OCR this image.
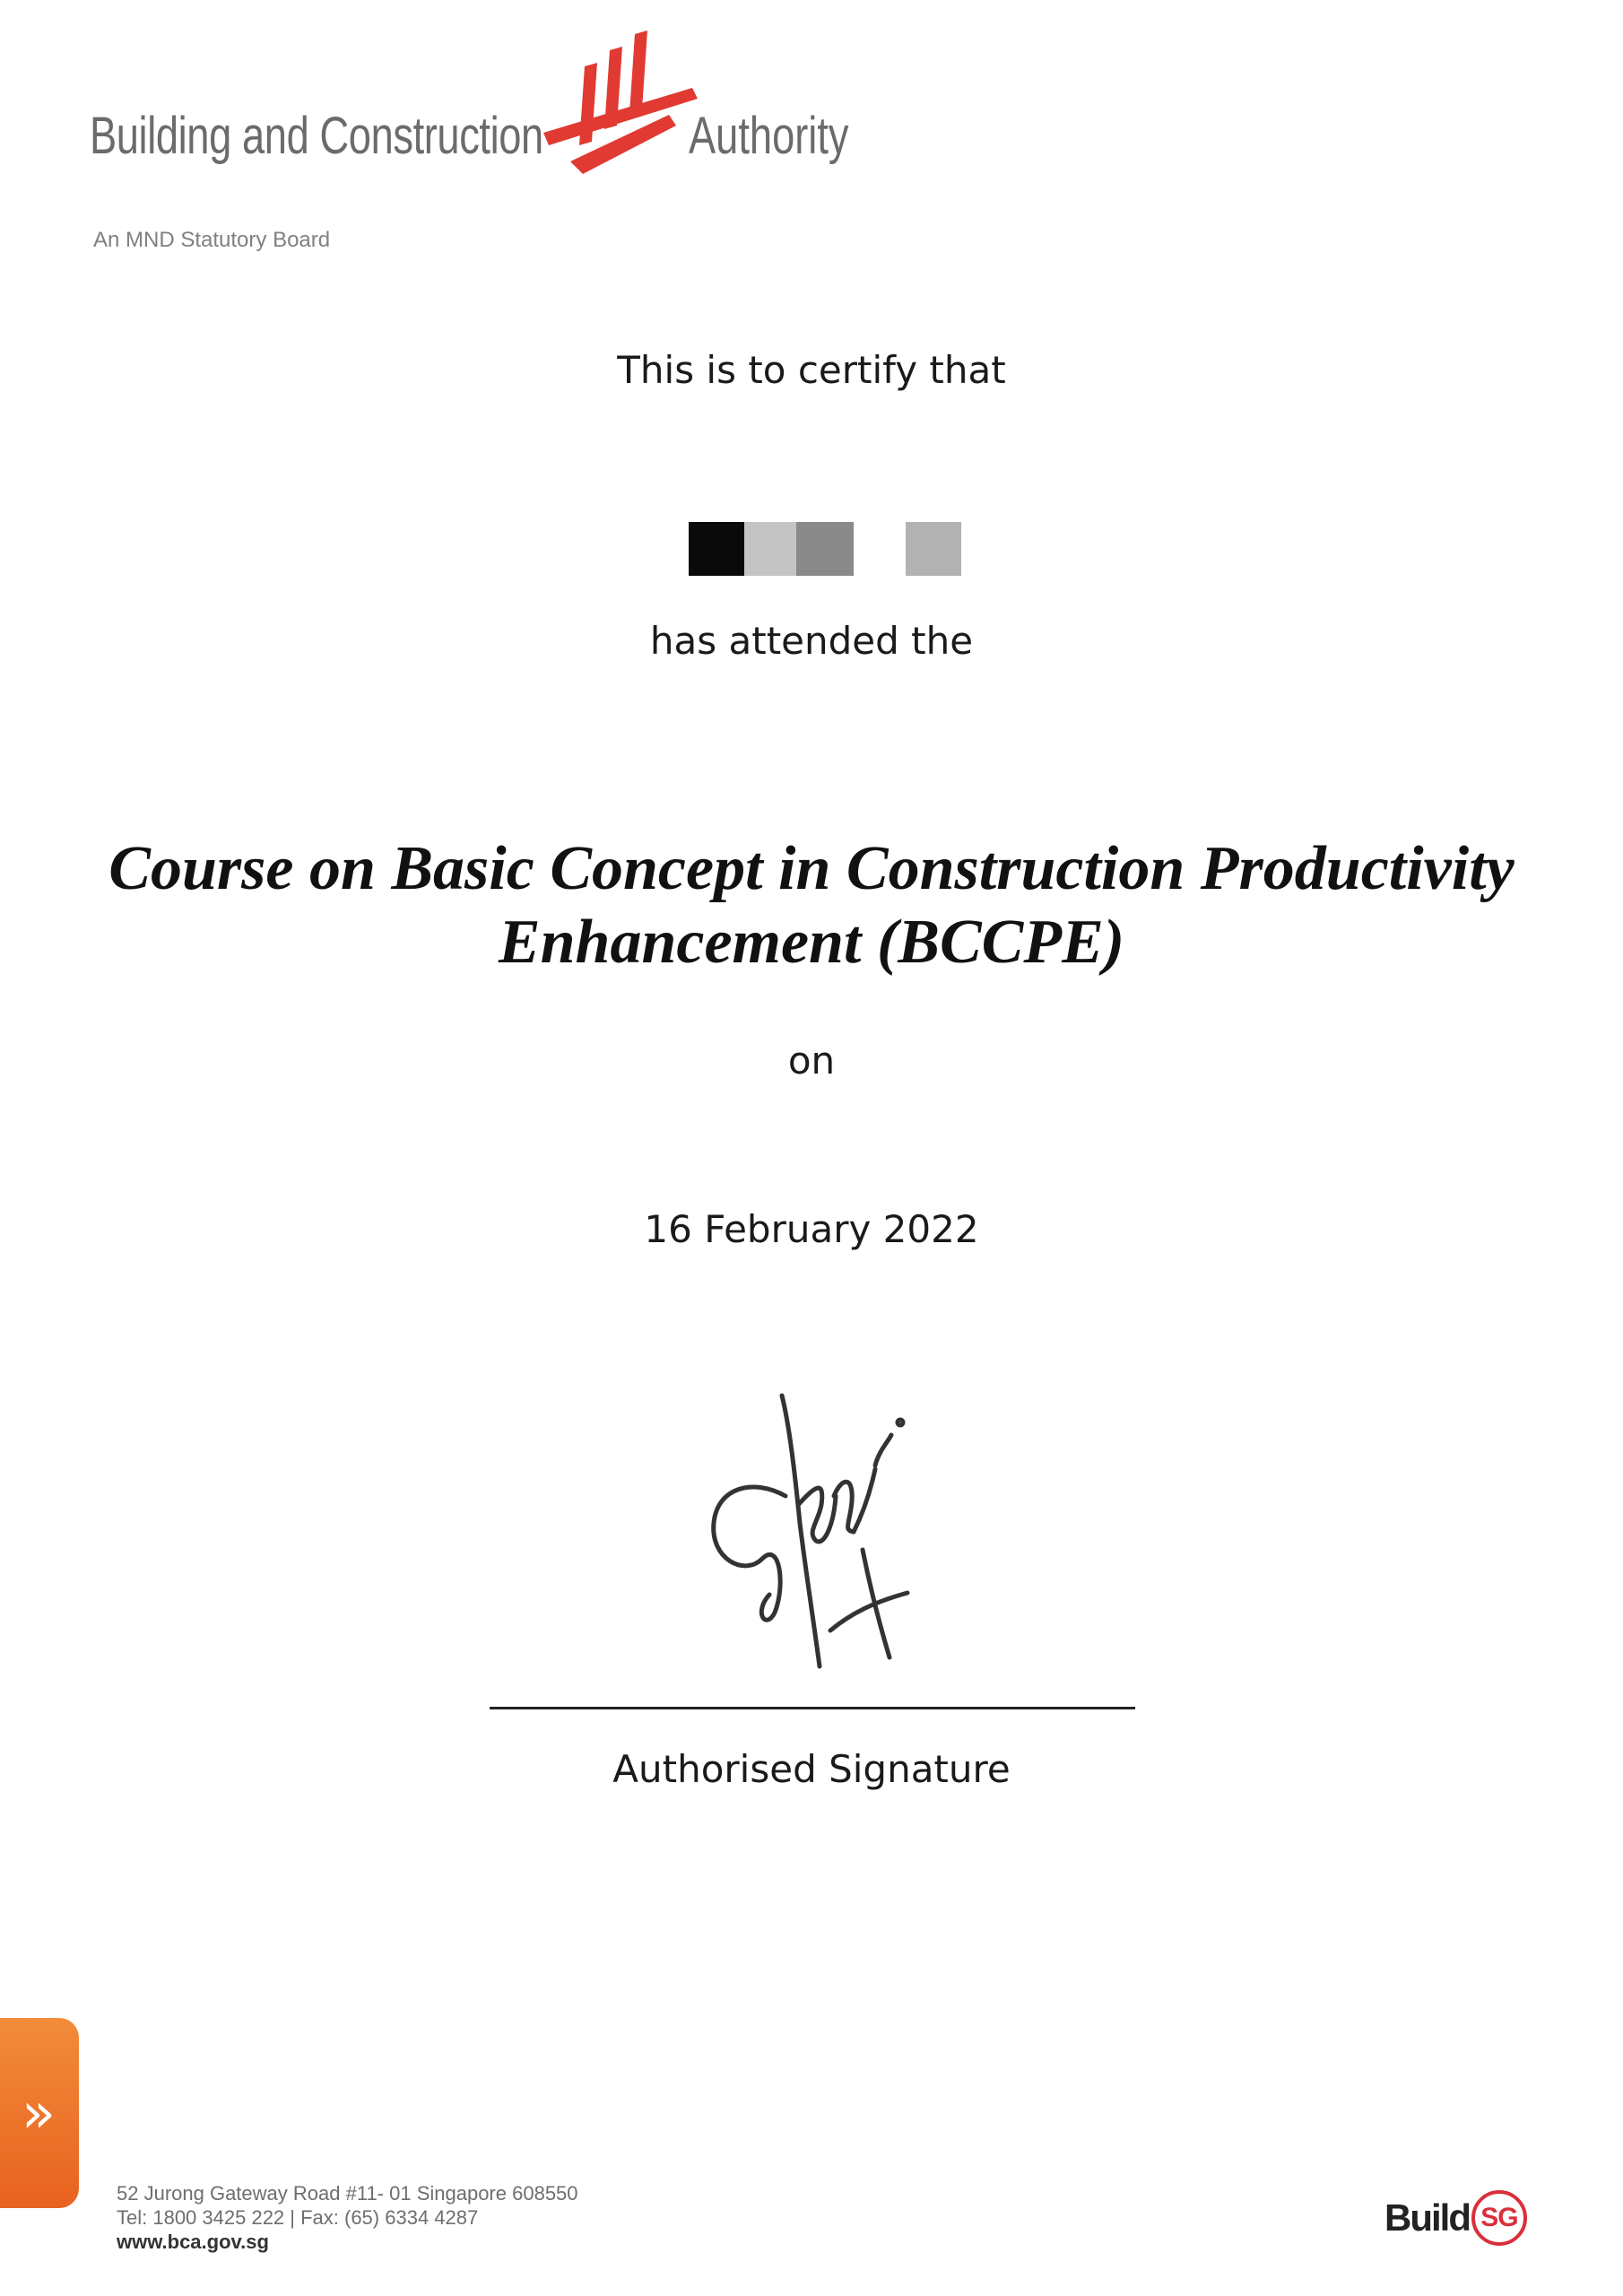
Building and Construction	Authority
An MND Statutory Board
This is to certify that
has attended the
Course on Basic Concept in Construction Productivity
Enhancement (BCCPE)
on
16 February 2022
Authorised Signature
»
52 Jurong Gateway Road #11- 01 Singapore 608550
Tel: 1800 3425 222 | Fax: (65) 6334 4287
www.bca.gov.sg
Build SG
